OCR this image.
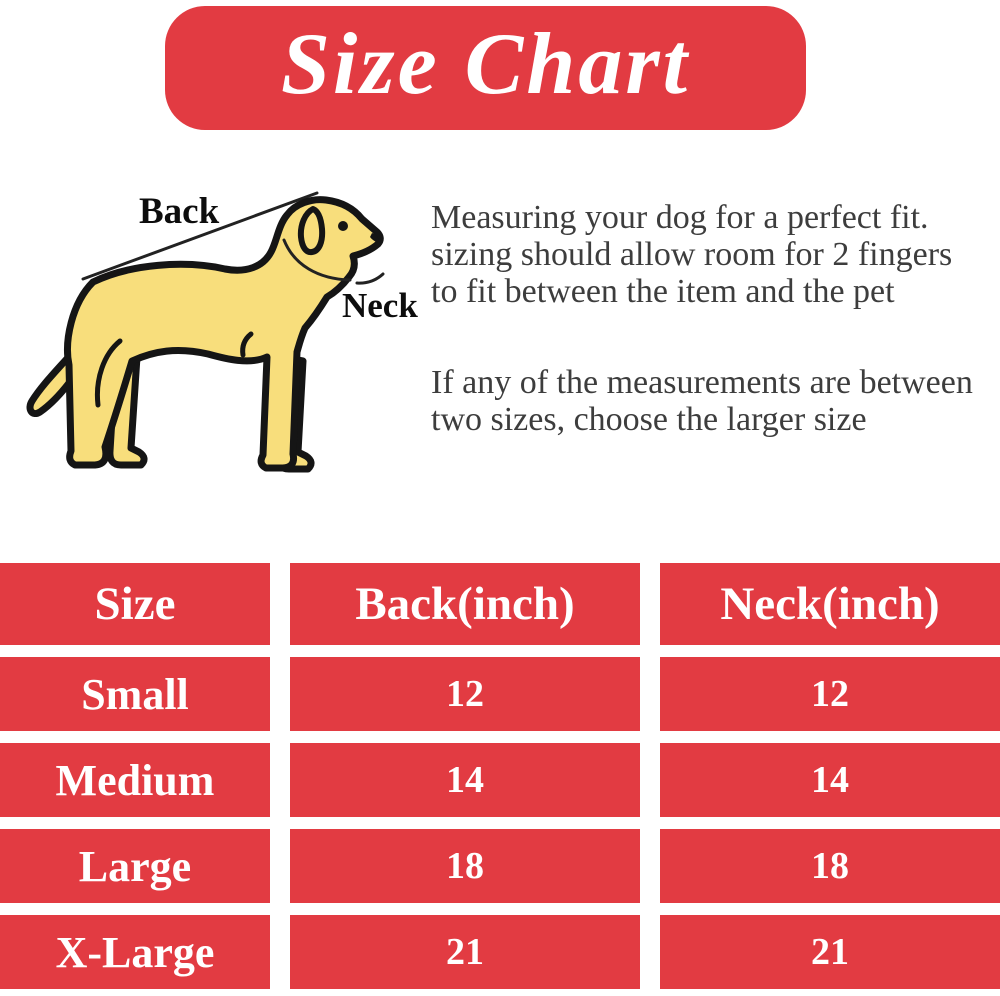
Size Chart
Back
Neck
Measuring your dog for a perfect fit.
sizing should allow room for 2 fingers
to fit between the item and the pet
If any of the measurements are between
two sizes, choose the larger size
Size	Back(inch)	Neck(inch)
Small	12	12
Medium	14	14
Large	18	18
X-Large	21	21
